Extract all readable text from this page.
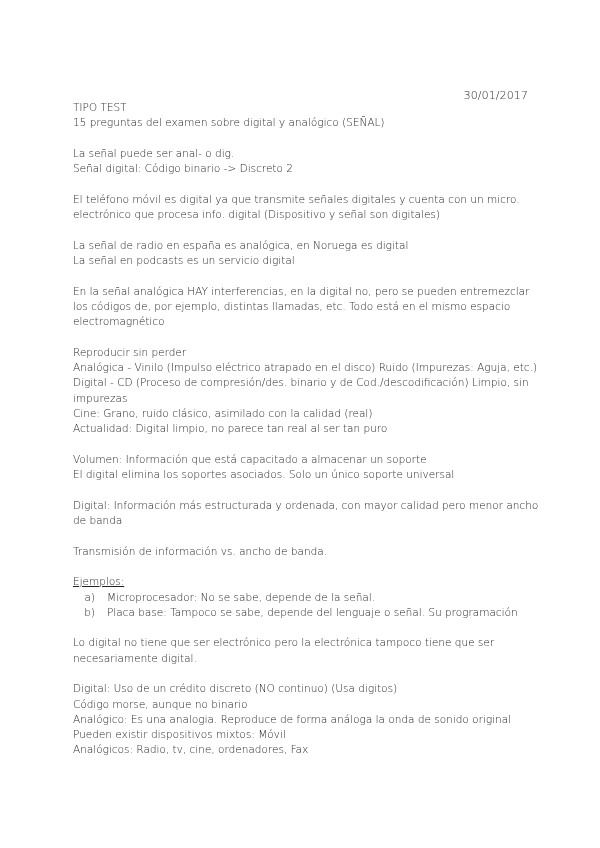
30/01/2017
TIPO TEST
15 preguntas del examen sobre digital y analógico (SEÑAL)
La señal puede ser anal- o dig.
Señal digital: Código binario -> Discreto 2
El teléfono móvil es digital ya que transmite señales digitales y cuenta con un micro.
electrónico que procesa info. digital (Dispositivo y señal son digitales)
La señal de radio en españa es analógica, en Noruega es digital
La señal en podcasts es un servicio digital
En la señal analógica HAY interferencias, en la digital no, pero se pueden entremezclar
los códigos de, por ejemplo, distintas llamadas, etc. Todo está en el mismo espacio
electromagnético
Reproducir sin perder
Analógica - Vinilo (Impulso eléctrico atrapado en el disco) Ruido (Impurezas: Aguja, etc.)
Digital - CD (Proceso de compresión/des. binario y de Cod./descodificación) Limpio, sin
impurezas
Cine: Grano, ruido clásico, asimilado con la calidad (real)
Actualidad: Digital limpio, no parece tan real al ser tan puro
Volumen: Información que está capacitado a almacenar un soporte
El digital elimina los soportes asociados. Solo un único soporte universal
Digital: Información más estructurada y ordenada, con mayor calidad pero menor ancho
de banda
Transmisión de información vs. ancho de banda.
Ejemplos:
a)	Microprocesador: No se sabe, depende de la señal.
b)	Placa base: Tampoco se sabe, depende del lenguaje o señal. Su programación
Lo digital no tiene que ser electrónico pero la electrónica tampoco tiene que ser
necesariamente digital.
Digital: Uso de un crédito discreto (NO continuo) (Usa digitos)
Código morse, aunque no binario
Analógico: Es una analogia. Reproduce de forma análoga la onda de sonido original
Pueden existir dispositivos mixtos: Móvil
Analógicos: Radio, tv, cine, ordenadores, Fax
